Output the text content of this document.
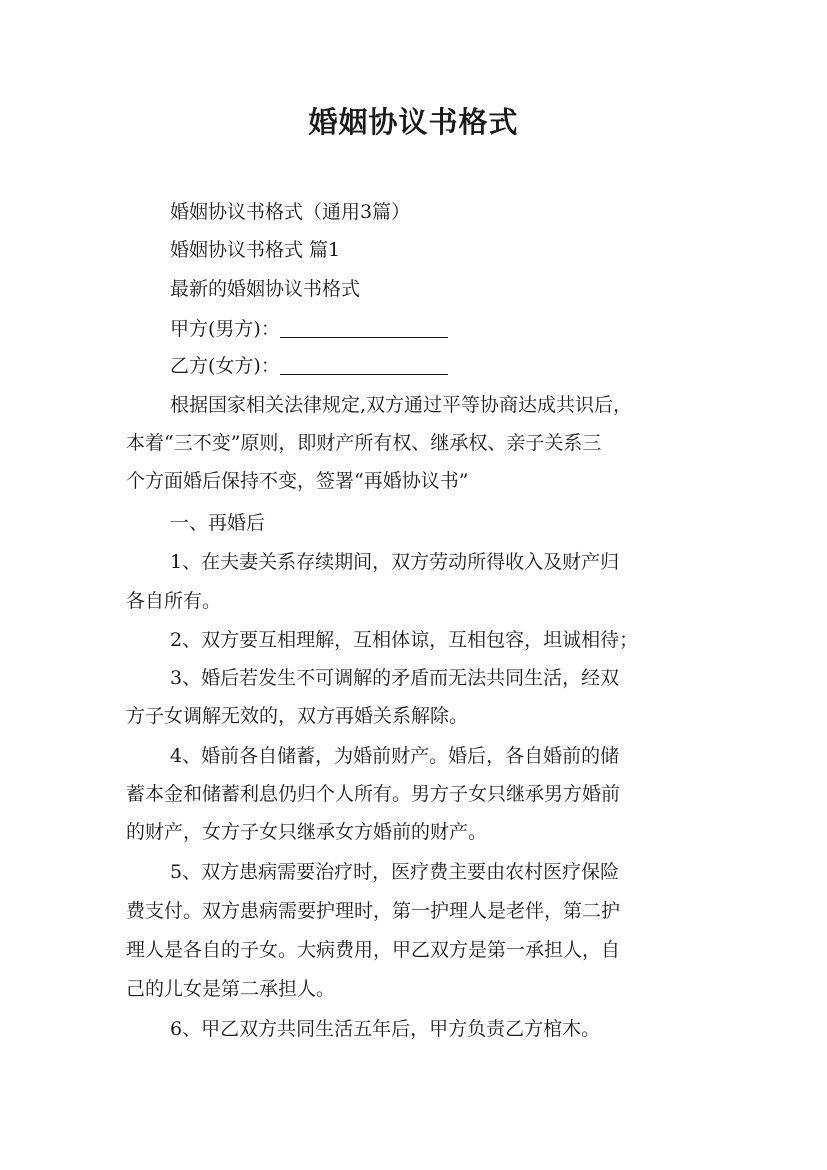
婚姻协议书格式
婚姻协议书格式（通用3篇）
婚姻协议书格式 篇1
最新的婚姻协议书格式
甲方(男方)：
乙方(女方)：
根据国家相关法律规定,双方通过平等协商达成共识后，
本着“三不变”原则，即财产所有权、继承权、亲子关系三
个方面婚后保持不变，签署“再婚协议书”
一、再婚后
1、在夫妻关系存续期间，双方劳动所得收入及财产归
各自所有。
2、双方要互相理解，互相体谅，互相包容，坦诚相待；
3、婚后若发生不可调解的矛盾而无法共同生活，经双
方子女调解无效的，双方再婚关系解除。
4、婚前各自储蓄，为婚前财产。婚后，各自婚前的储
蓄本金和储蓄利息仍归个人所有。男方子女只继承男方婚前
的财产，女方子女只继承女方婚前的财产。
5、双方患病需要治疗时，医疗费主要由农村医疗保险
费支付。双方患病需要护理时，第一护理人是老伴，第二护
理人是各自的子女。大病费用，甲乙双方是第一承担人，自
己的儿女是第二承担人。
6、甲乙双方共同生活五年后，甲方负责乙方棺木。
